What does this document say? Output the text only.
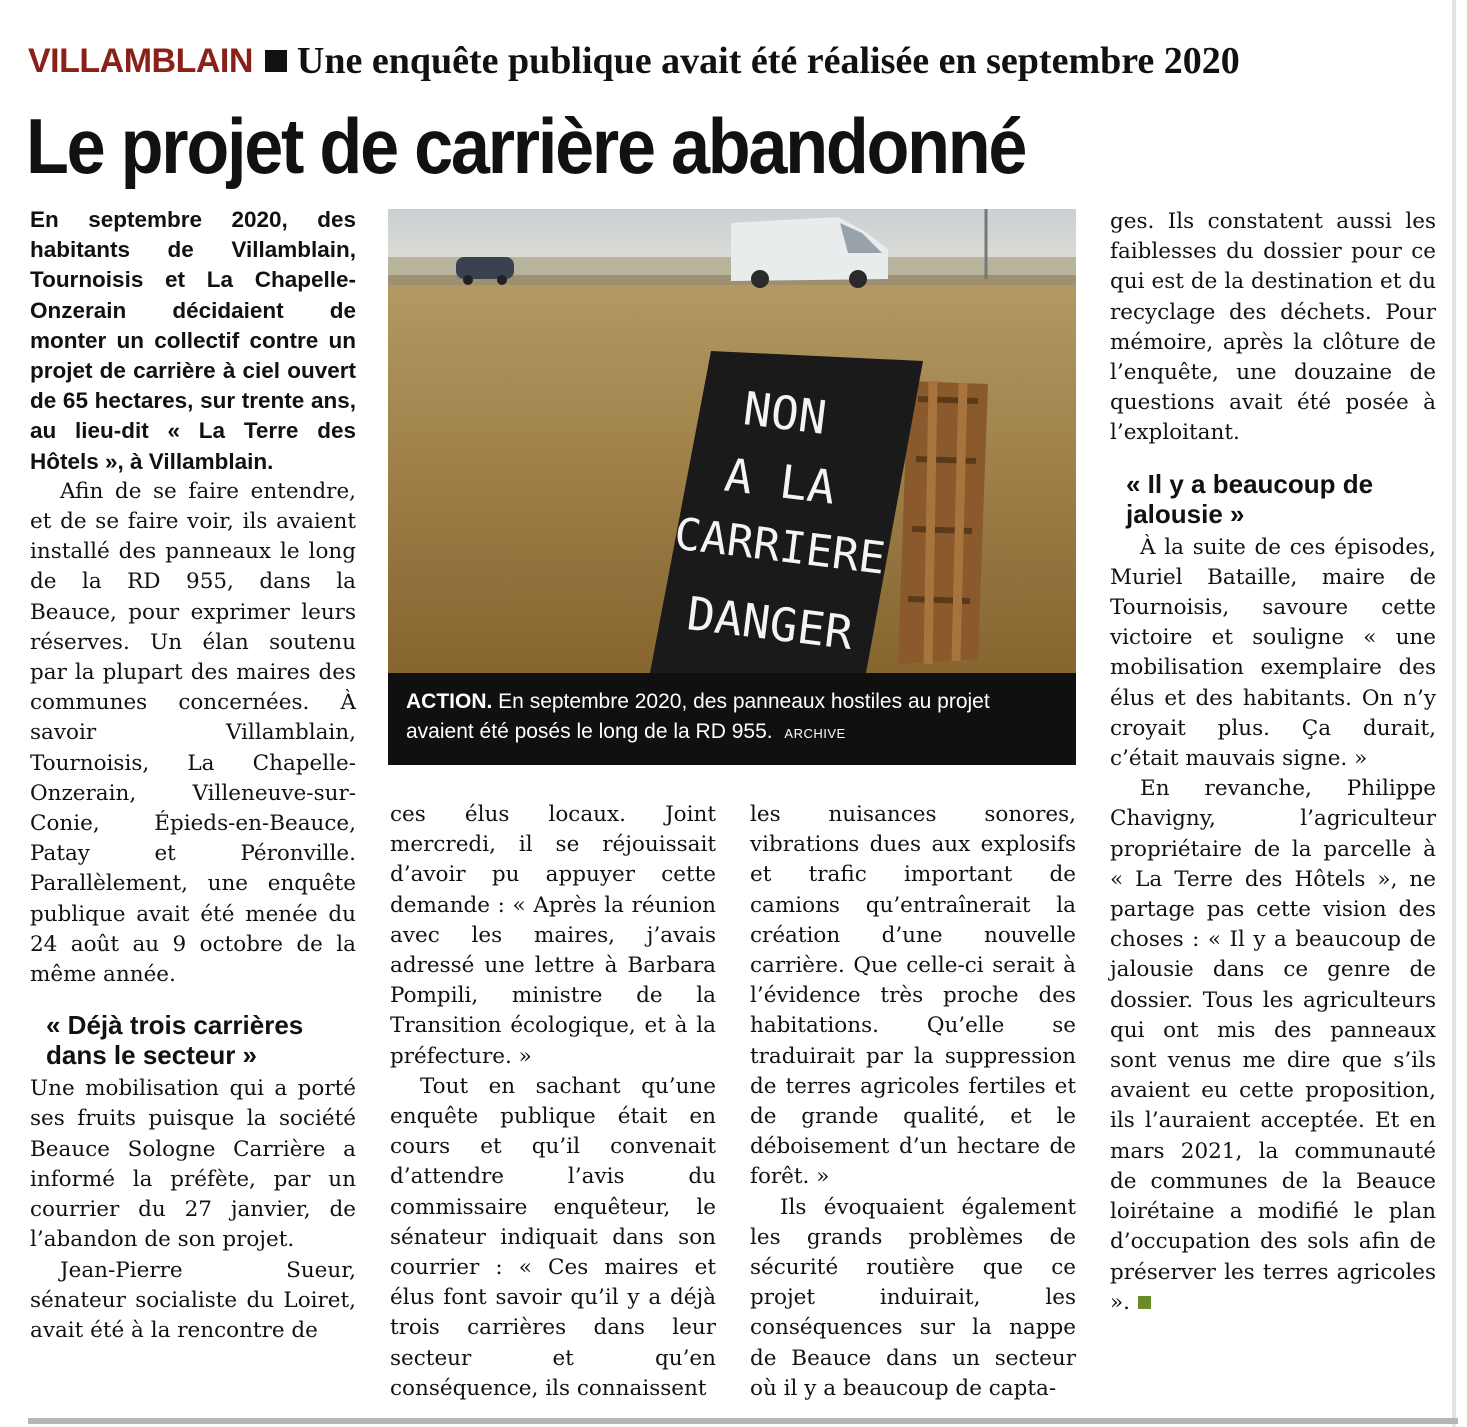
VILLAMBLAIN Une enquête publique avait été réalisée en septembre 2020
Le projet de carrière abandonné

En septembre 2020, des habitants de Villamblain, Tournoisis et La Chapelle-Onzerain décidaient de monter un collectif contre un projet de carrière à ciel ouvert de 65 hectares, sur trente ans, au lieu-dit « La Terre des Hôtels », à Villamblain.

Afin de se faire entendre, et de se faire voir, ils avaient installé des panneaux le long de la RD 955, dans la Beauce, pour exprimer leurs réserves. Un élan soutenu par la plupart des maires des communes concernées. À savoir Villamblain, Tournoisis, La Chapelle-Onzerain, Villeneuve-sur-Conie, Épieds-en-Beauce, Patay et Péronville. Parallèlement, une enquête publique avait été menée du 24 août au 9 octobre de la même année.

« Déjà trois carrières dans le secteur »

Une mobilisation qui a porté ses fruits puisque la société Beauce Sologne Carrière a informé la préfète, par un courrier du 27 janvier, de l’abandon de son projet.

Jean-Pierre Sueur, sénateur socialiste du Loiret, avait été à la rencontre de

NON
A LA
CARRIERE
DANGER
ACTION. En septembre 2020, des panneaux hostiles au projet avaient été posés le long de la RD 955. ARCHIVE

ces élus locaux. Joint mercredi, il se réjouissait d’avoir pu appuyer cette demande : « Après la réunion avec les maires, j’avais adressé une lettre à Barbara Pompili, ministre de la Transition écologique, et à la préfecture. »

Tout en sachant qu’une enquête publique était en cours et qu’il convenait d’attendre l’avis du commissaire enquêteur, le sénateur indiquait dans son courrier : « Ces maires et élus font savoir qu’il y a déjà trois carrières dans leur secteur et qu’en conséquence, ils connaissent

les nuisances sonores, vibrations dues aux explosifs et trafic important de camions qu’entraînerait la création d’une nouvelle carrière. Que celle-ci serait à l’évidence très proche des habitations. Qu’elle se traduirait par la suppression de terres agricoles fertiles et de grande qualité, et le déboisement d’un hectare de forêt. »

Ils évoquaient également les grands problèmes de sécurité routière que ce projet induirait, les conséquences sur la nappe de Beauce dans un secteur où il y a beaucoup de capta-

ges. Ils constatent aussi les faiblesses du dossier pour ce qui est de la destination et du recyclage des déchets. Pour mémoire, après la clôture de l’enquête, une douzaine de questions avait été posée à l’exploitant.

« Il y a beaucoup de jalousie »

À la suite de ces épisodes, Muriel Bataille, maire de Tournoisis, savoure cette victoire et souligne « une mobilisation exemplaire des élus et des habitants. On n’y croyait plus. Ça durait, c’était mauvais signe. »

En revanche, Philippe Chavigny, l’agriculteur propriétaire de la parcelle à « La Terre des Hôtels », ne partage pas cette vision des choses : « Il y a beaucoup de jalousie dans ce genre de dossier. Tous les agriculteurs qui ont mis des panneaux sont venus me dire que s’ils avaient eu cette proposition, ils l’auraient acceptée. Et en mars 2021, la communauté de communes de la Beauce loirétaine a modifié le plan d’occupation des sols afin de préserver les terres agricoles ».
